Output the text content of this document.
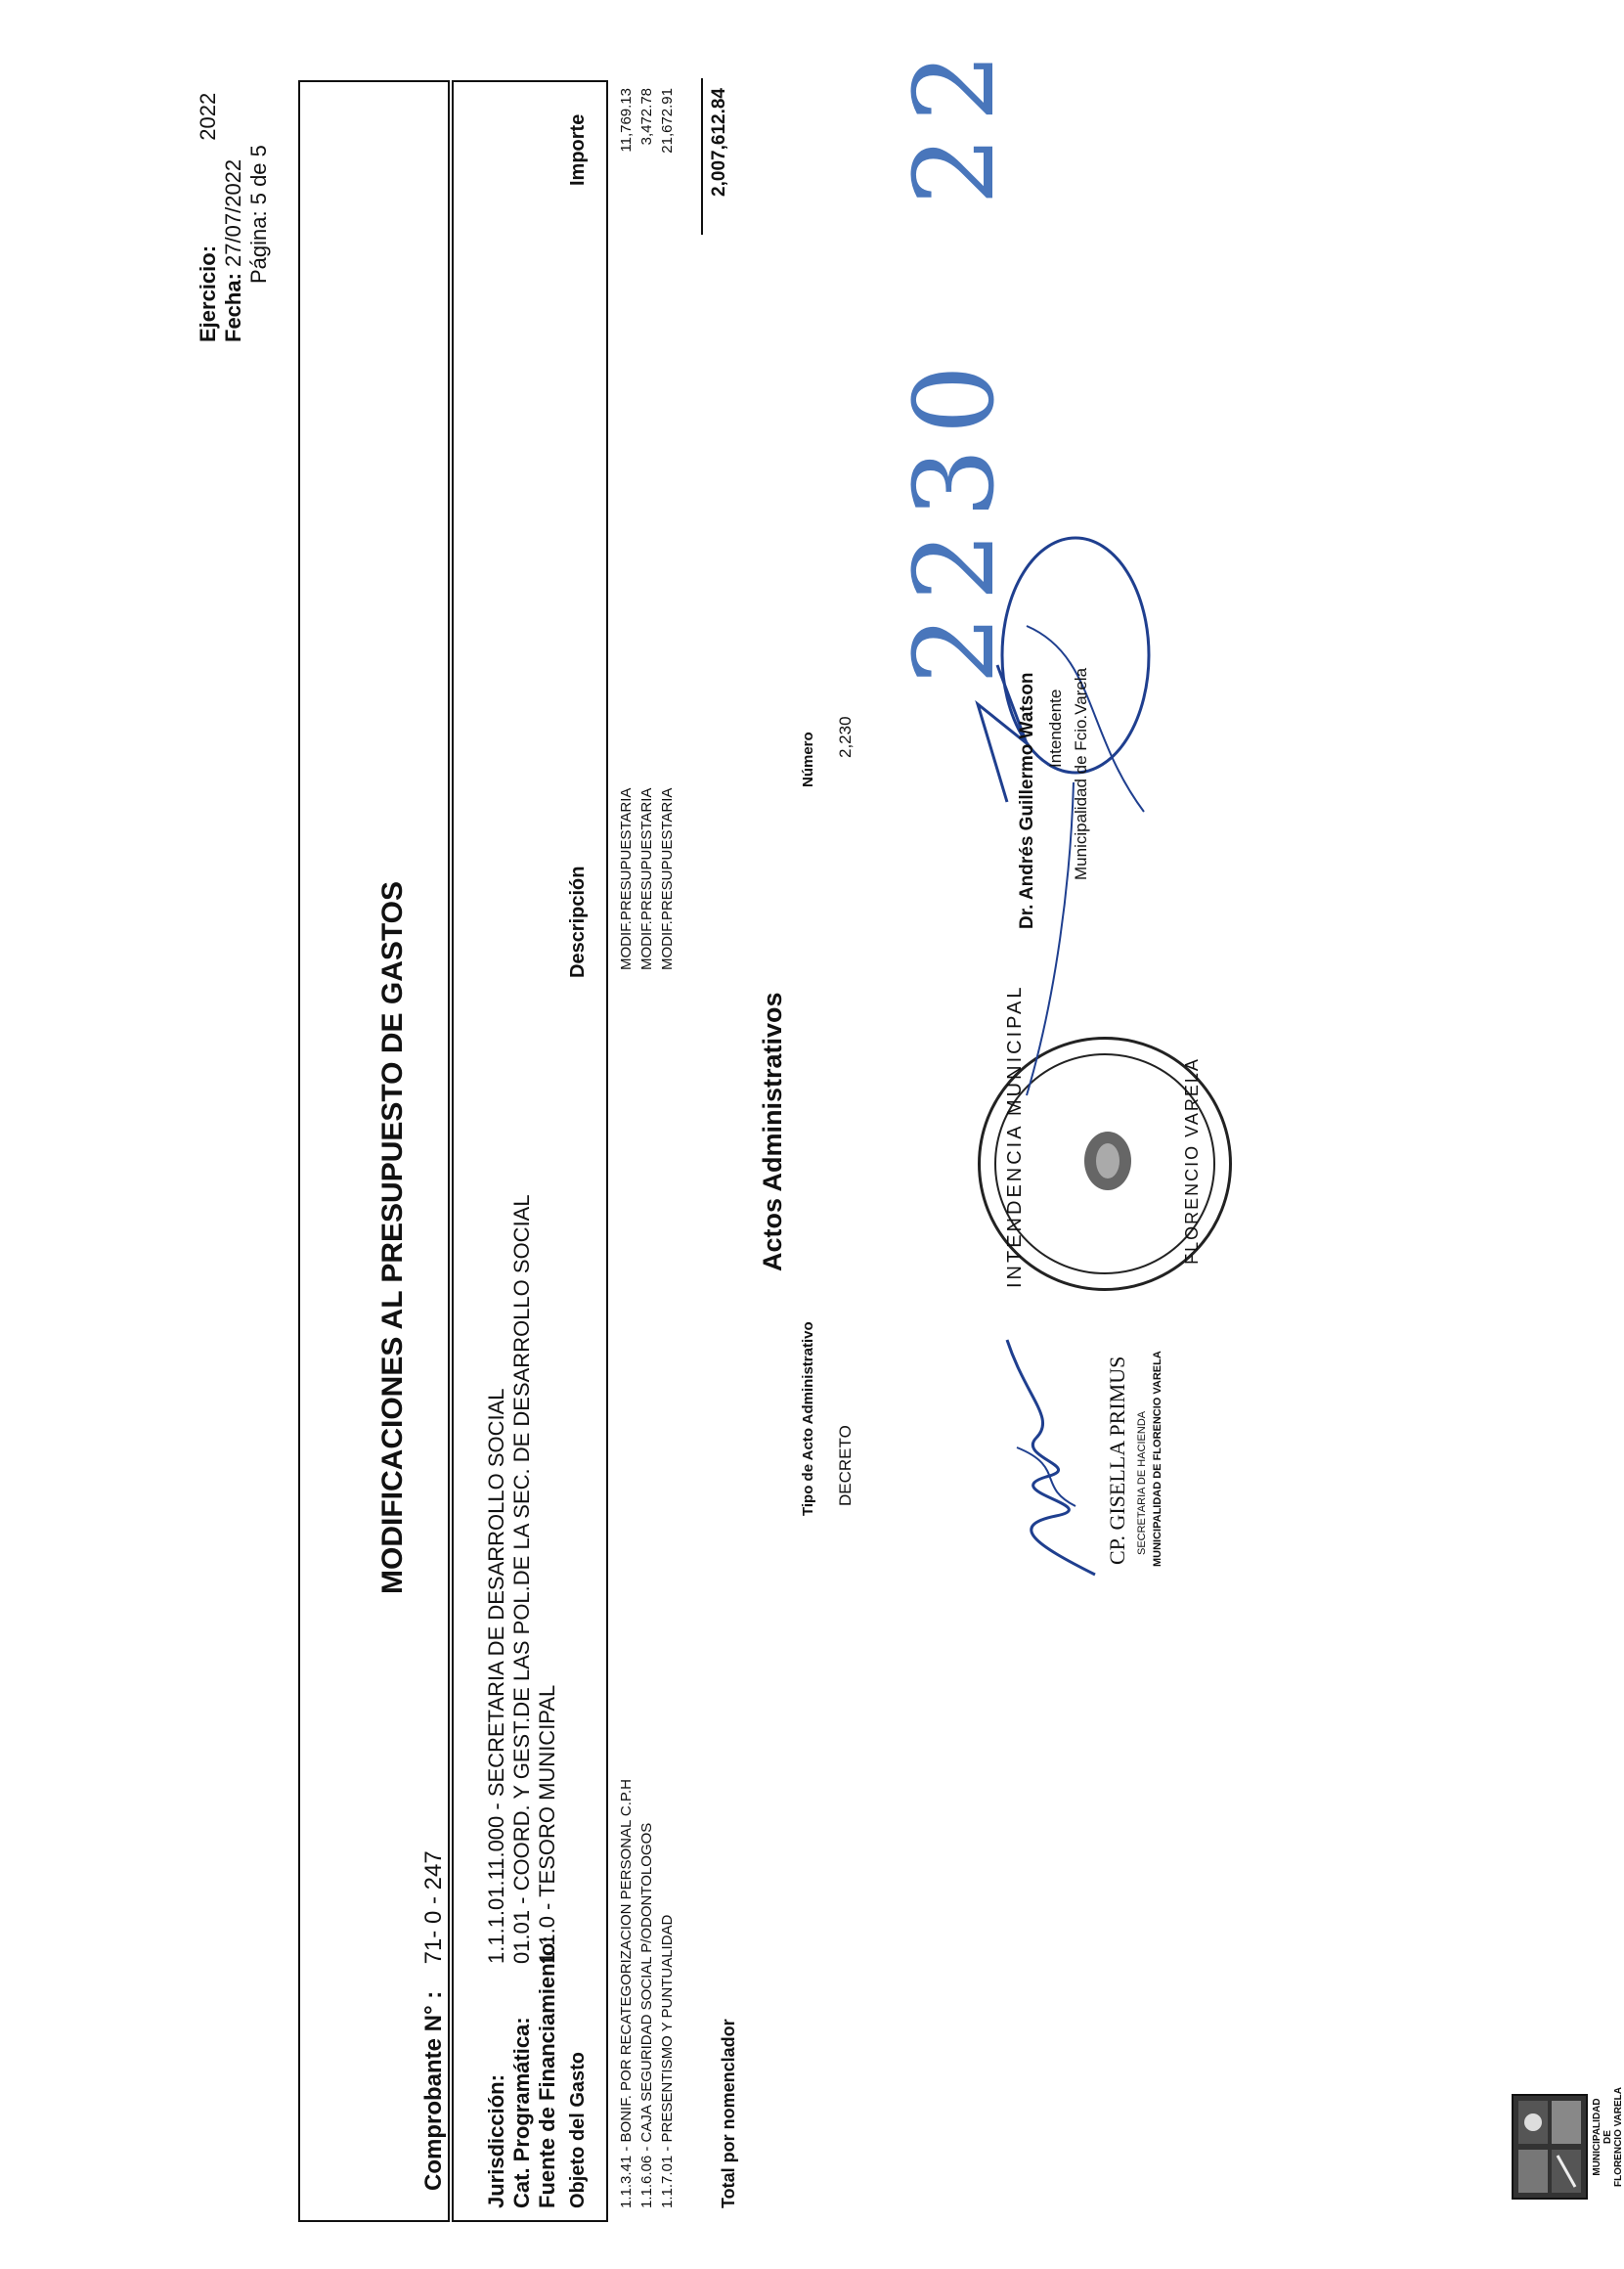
MUNICIPALIDAD DE FLORENCIO VARELA
MODIFICACIONES AL PRESUPUESTO DE GASTOS
Ejercicio:  2022
Fecha: 27/07/2022 Página: 5 de 5
Comprobante N° :  71- 0 - 247
Jurisdicción:1.1.1.01.11.000 - SECRETARIA DE DESARROLLO SOCIAL
Cat. Programática:01.01 - COORD. Y GEST.DE LAS POL.DE LA SEC. DE DESARROLLO SOCIAL
Fuente de Financiamiento:1.1.0 - TESORO MUNICIPAL
Objeto del Gasto
Descripción
Importe
1.1.3.41 - BONIF. POR RECATEGORIZACION PERSONAL C.P.H 1.1.6.06 - CAJA SEGURIDAD SOCIAL P/ODONTOLOGOS 1.1.7.01 - PRESENTISMO Y PUNTUALIDAD
MODIF.PRESUPUESTARIA MODIF.PRESUPUESTARIA MODIF.PRESUPUESTARIA
11,769.13 3,472.78 21,672.91
Total por nomenclador
2,007,612.84
Actos Administrativos
Tipo de Acto Administrativo
Número
DECRETO
2,230
2230
22
CP. GISELLA PRIMUS SECRETARIA DE HACIENDA MUNICIPALIDAD DE FLORENCIO VARELA
INTENDENCIA MUNICIPAL	FLORENCIO VARELA
Dr. Andrés Guillermo Watson Intendente Municipalidad de Fcio.Varela
